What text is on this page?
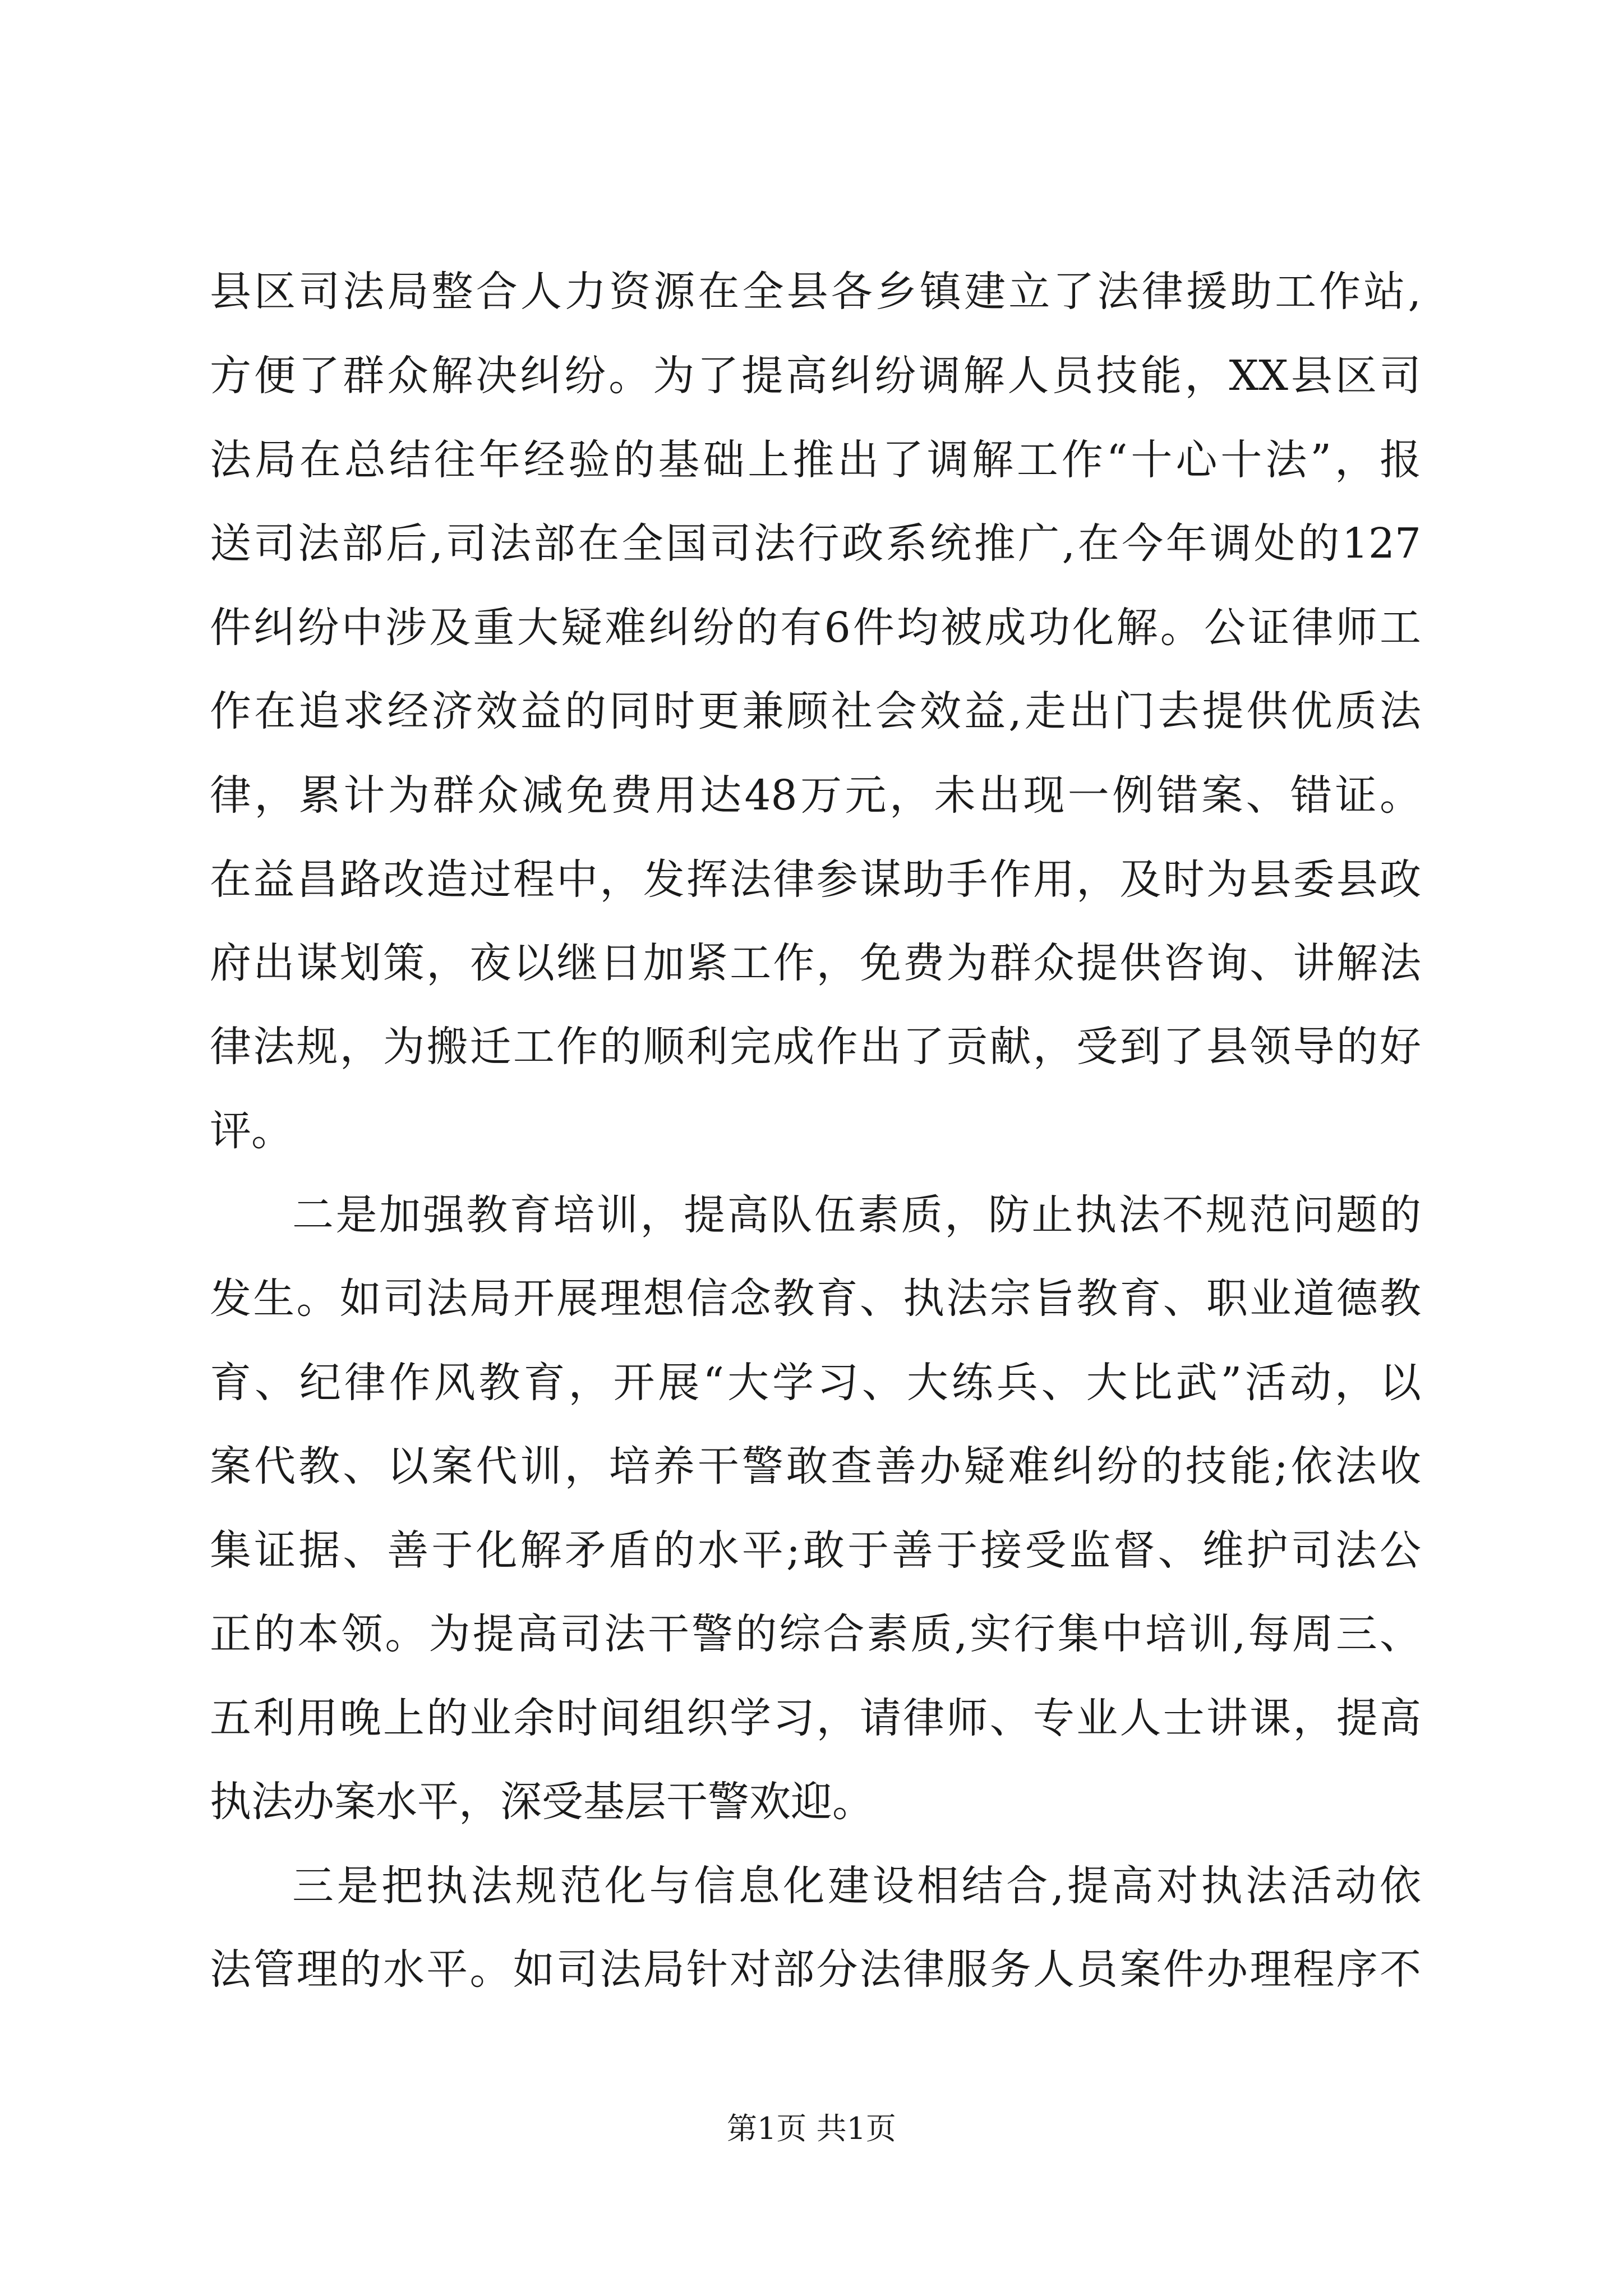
县区司法局整合人力资源在全县各乡镇建立了法律援助工作站,
方便了群众解决纠纷。为了提高纠纷调解人员技能，XX县区司
法局在总结往年经验的基础上推出了调解工作“十心十法”，报
送司法部后,司法部在全国司法行政系统推广,在今年调处的127
件纠纷中涉及重大疑难纠纷的有6件均被成功化解。公证律师工
作在追求经济效益的同时更兼顾社会效益,走出门去提供优质法
律，累计为群众减免费用达48万元，未出现一例错案、错证。
在益昌路改造过程中，发挥法律参谋助手作用，及时为县委县政
府出谋划策，夜以继日加紧工作，免费为群众提供咨询、讲解法
律法规，为搬迁工作的顺利完成作出了贡献，受到了县领导的好
评。
二是加强教育培训，提高队伍素质，防止执法不规范问题的
发生。如司法局开展理想信念教育、执法宗旨教育、职业道德教
育、纪律作风教育，开展“大学习、大练兵、大比武”活动，以
案代教、以案代训，培养干警敢查善办疑难纠纷的技能;依法收
集证据、善于化解矛盾的水平;敢于善于接受监督、维护司法公
正的本领。为提高司法干警的综合素质,实行集中培训,每周三、
五利用晚上的业余时间组织学习，请律师、专业人士讲课，提高
执法办案水平，深受基层干警欢迎。
三是把执法规范化与信息化建设相结合,提高对执法活动依
法管理的水平。如司法局针对部分法律服务人员案件办理程序不
第1页 共1页
